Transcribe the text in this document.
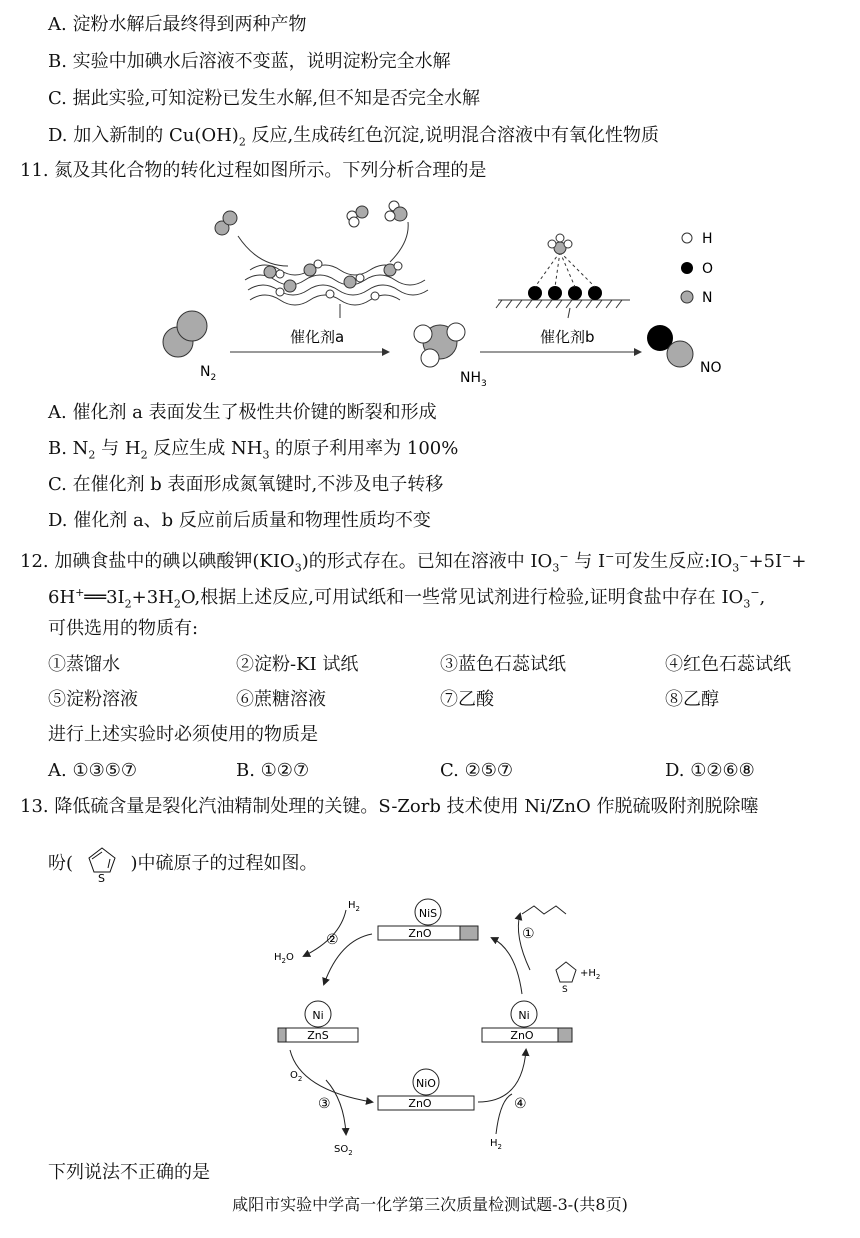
A. 淀粉水解后最终得到两种产物
B. 实验中加碘水后溶液不变蓝，说明淀粉完全水解
C. 据此实验,可知淀粉已发生水解,但不知是否完全水解
D. 加入新制的 $Cu(OH)_2$ 反应,生成砖红色沉淀,说明混合溶液中有氧化性物质
11. 氮及其化合物的转化过程如图所示。下列分析合理的是
$N_2$
催化剂a
$NH_3$
催化剂b
NO
H
O
N
A. 催化剂 a 表面发生了极性共价键的断裂和形成
B. $N_2$ 与 $H_2$ 反应生成 $NH_3$ 的原子利用率为 100%
C. 在催化剂 b 表面形成氮氧键时,不涉及电子转移
D. 催化剂 a、b 反应前后质量和物理性质均不变
12. 加碘食盐中的碘以碘酸钾$(KIO_3)$的形式存在。已知在溶液中 $IO_3^-$ 与 I−可发生反应$:IO_3^-+5I^-+$
$6H^+══3I_2+3H_2O$,根据上述反应,可用试纸和一些常见试剂进行检验,证明食盐中存在 $IO_3^-$,
可供选用的物质有:
①蒸馏水	②淀粉-KI 试纸	③蓝色石蕊试纸	④红色石蕊试纸
⑤淀粉溶液	⑥蔗糖溶液	⑦乙酸	⑧乙醇
进行上述实验时必须使用的物质是
A. ①③⑤⑦	B. ①②⑦	C. ②⑤⑦	D. ①②⑥⑧
13. 降低硫含量是裂化汽油精制处理的关键。S-Zorb 技术使用 Ni/ZnO 作脱硫吸附剂脱除噻
吩(
S
)中硫原子的过程如图。
NiS
ZnO
Ni
ZnS
Ni
ZnO
NiO
ZnO
$H_2$
$H_2O$
②	①
S
$+H_2$
$O_2$
$SO_2$
③
$H_2$
④
下列说法不正确的是
咸阳市实验中学高一化学第三次质量检测试题-3-(共8页)
